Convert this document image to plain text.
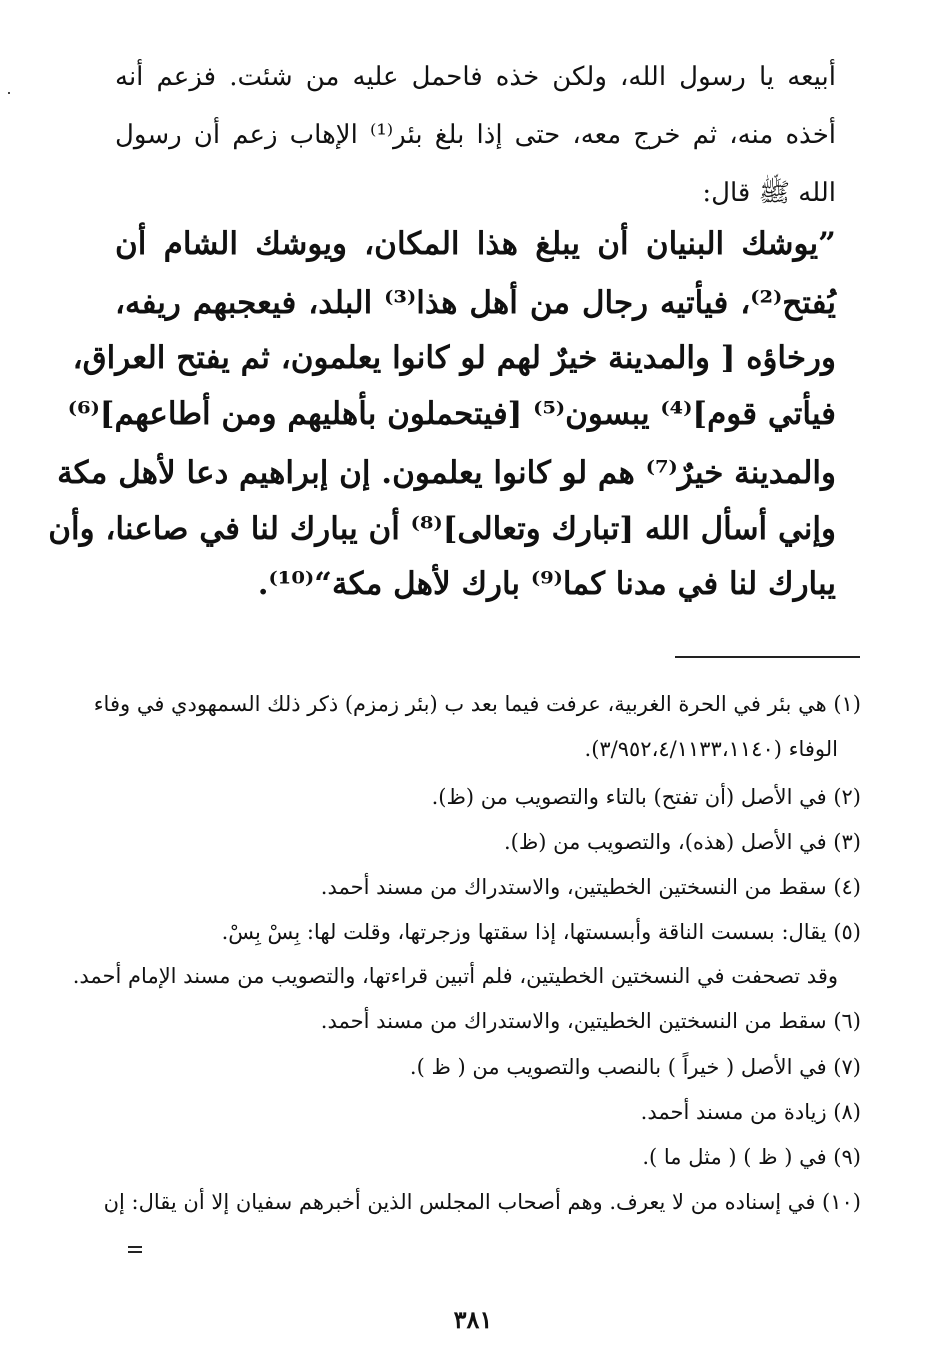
أبيعه يا رسول الله، ولكن خذه فاحمل عليه من شئت. فزعم أنه
أخذه منه، ثم خرج معه، حتى إذا بلغ بئر⁽¹⁾ الإهاب زعم أن رسول
الله ﷺ قال:
”يوشك البنيان أن يبلغ هذا المكان، ويوشك الشام أن
يُفتح⁽²⁾، فيأتيه رجال من أهل هذا⁽³⁾ البلد، فيعجبهم ريفه،
ورخاؤه [ والمدينة خيرٌ لهم لو كانوا يعلمون، ثم يفتح العراق،
فيأتي قوم]⁽⁴⁾ يبسون⁽⁵⁾ [فيتحملون بأهليهم ومن أطاعهم]⁽⁶⁾
والمدينة خيرٌ⁽⁷⁾ هم لو كانوا يعلمون. إن إبراهيم دعا لأهل مكة
وإني أسأل الله [تبارك وتعالى]⁽⁸⁾ أن يبارك لنا في صاعنا، وأن
يبارك لنا في مدنا كما⁽⁹⁾ بارك لأهل مكة“⁽¹⁰⁾.
(١) هي بئر في الحرة الغربية، عرفت فيما بعد ب (بئر زمزم) ذكر ذلك السمهودي في وفاء
الوفاء (٣/٩٥٢،٤/١١٣٣،١١٤٠).
(٢) في الأصل (أن تفتح) بالتاء والتصويب من (ظ).
(٣) في الأصل (هذه)، والتصويب من (ظ).
(٤) سقط من النسختين الخطيتين، والاستدراك من مسند أحمد.
(٥) يقال: بسست الناقة وأبسستها، إذا سقتها وزجرتها، وقلت لها: بِسْ بِسْ.
وقد تصحفت في النسختين الخطيتين، فلم أتبين قراءتها، والتصويب من مسند الإمام أحمد.
(٦) سقط من النسختين الخطيتين، والاستدراك من مسند أحمد.
(٧) في الأصل ( خيراً ) بالنصب والتصويب من ( ظ ).
(٨) زيادة من مسند أحمد.
(٩) في ( ظ ) ( مثل ما ).
(١٠) في إسناده من لا يعرف. وهم أصحاب المجلس الذين أخبرهم سفيان إلا أن يقال: إن
٣٨١
